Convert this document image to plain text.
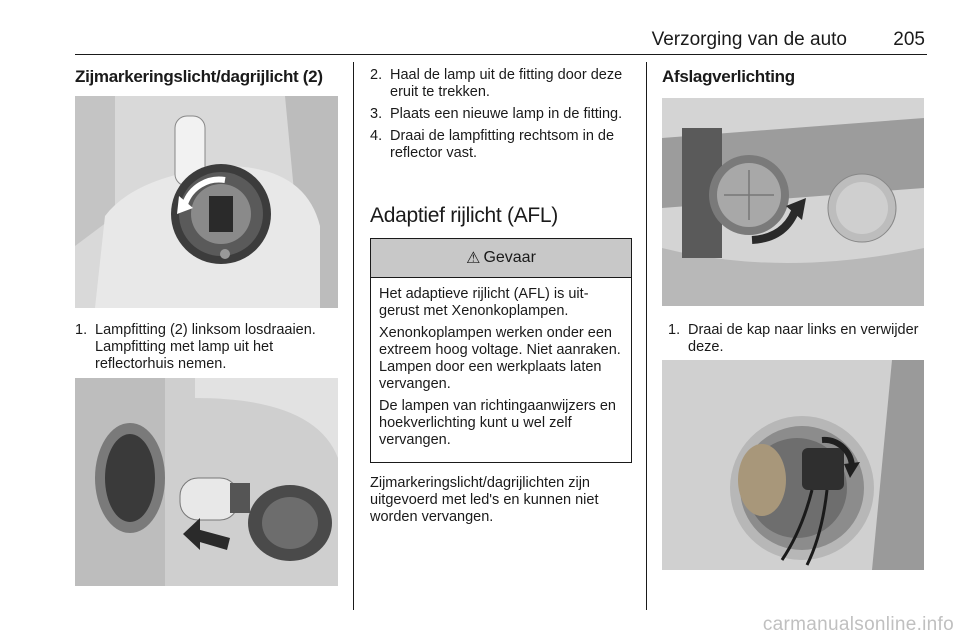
Verzorging van de auto 205
Zijmarkeringslicht/dagrijlicht (2)
1. Lampfitting (2) linksom losdraaien. Lampfitting met lamp uit het reflectorhuis nemen.
2. Haal de lamp uit de fitting door deze eruit te trekken.
3. Plaats een nieuwe lamp in de fitting.
4. Draai de lampfitting rechtsom in de reflector vast.
Adaptief rijlicht (AFL)
⚠ Gevaar

Het adaptieve rijlicht (AFL) is uitgerust met Xenonkoplampen.

Xenonkoplampen werken onder een extreem hoog voltage. Niet aanraken. Lampen door een werkplaats laten vervangen.

De lampen van richtingaanwijzers en hoekverlichting kunt u wel zelf vervangen.

Zijmarkeringslicht/dagrijlichten zijn uitgevoerd met led's en kunnen niet worden vervangen.
Afslagverlichting
1. Draai de kap naar links en verwijder deze.
carmanualsonline.info
